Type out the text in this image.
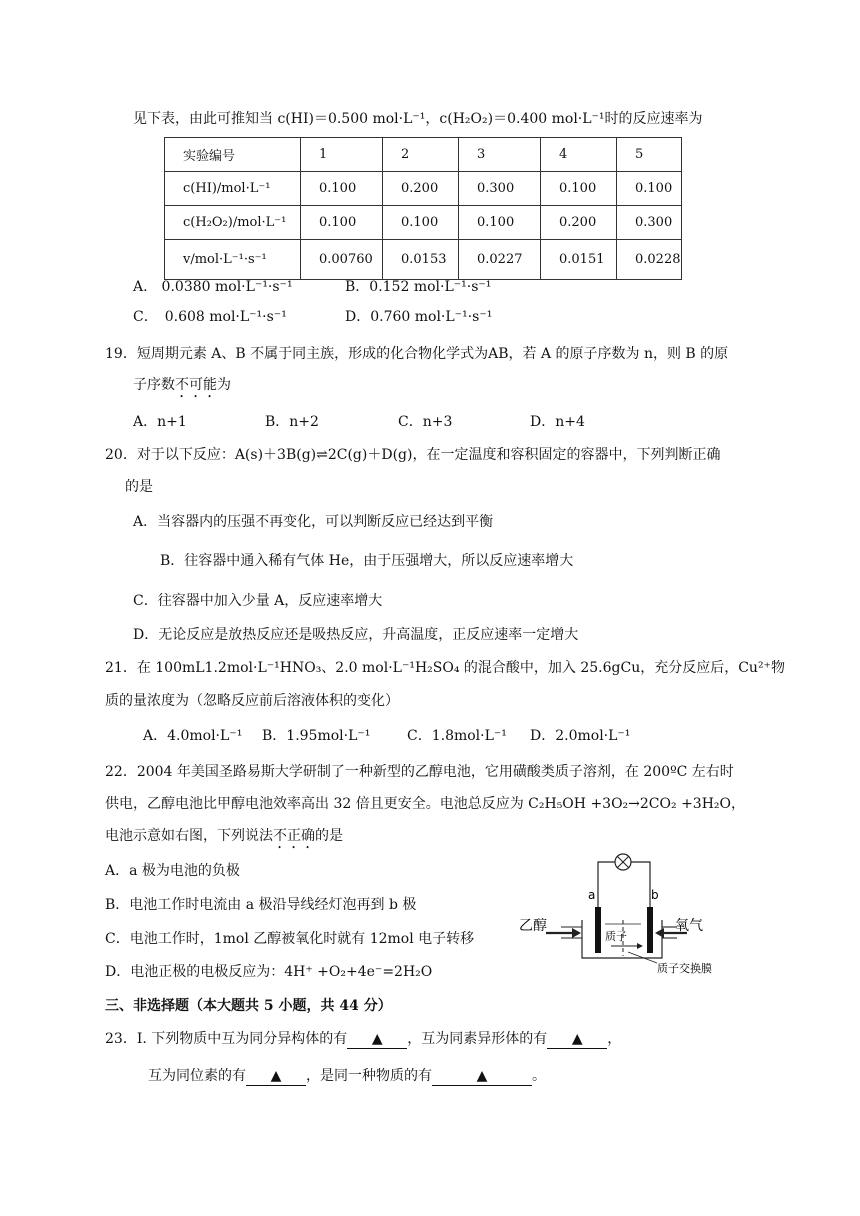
见下表，由此可推知当 c(HI)＝0.500 mol·L⁻¹，c(H₂O₂)＝0.400 mol·L⁻¹时的反应速率为
实验编号	1	2	3	4	5
c(HI)/mol·L⁻¹	0.100	0.200	0.300	0.100	0.100
c(H₂O₂)/mol·L⁻¹	0.100	0.100	0.100	0.200	0.300
v/mol·L⁻¹·s⁻¹	0.00760	0.0153	0.0227	0.0151	0.0228
A.　0.0380 mol·L⁻¹·s⁻¹	B．0.152 mol·L⁻¹·s⁻¹
C．　0.608 mol·L⁻¹·s⁻¹	D．0.760 mol·L⁻¹·s⁻¹
19．短周期元素 A、B 不属于同主族，形成的化合物化学式为AB，若 A 的原子序数为 n，则 B 的原
子序数不可能为
A．n+1	B．n+2	C．n+3	D．n+4
20．对于以下反应：A(s)＋3B(g)⇌2C(g)＋D(g)，在一定温度和容积固定的容器中，下列判断正确
的是
A．当容器内的压强不再变化，可以判断反应已经达到平衡
B．往容器中通入稀有气体 He，由于压强增大，所以反应速率增大
C．往容器中加入少量 A，反应速率增大
D．无论反应是放热反应还是吸热反应，升高温度，正反应速率一定增大
21．在 100mL1.2mol·L⁻¹HNO₃、2.0 mol·L⁻¹H₂SO₄ 的混合酸中，加入 25.6gCu，充分反应后，Cu²⁺物
质的量浓度为（忽略反应前后溶液体积的变化）
A．4.0mol·L⁻¹ B．1.95mol·L⁻¹	C．1.8mol·L⁻¹ D．2.0mol·L⁻¹
22．2004 年美国圣路易斯大学研制了一种新型的乙醇电池，它用磺酸类质子溶剂，在 200ºC 左右时
供电，乙醇电池比甲醇电池效率高出 32 倍且更安全。电池总反应为 C₂H₅OH +3O₂→2CO₂ +3H₂O，
电池示意如右图，下列说法不正确的是
A．a 极为电池的负极
B．电池工作时电流由 a 极沿导线经灯泡再到 b 极
C．电池工作时，1mol 乙醇被氧化时就有 12mol 电子转移
D．电池正极的电极反应为：4H⁺ +O₂+4e⁻=2H₂O
a	b
乙醇	氧气
质子
质子交换膜
三、非选择题（本大题共 5 小题，共 44 分）
23．I. 下列物质中互为同分异构体的有 ▲ ，互为同素异形体的有 ▲ ，
互为同位素的有 ▲ ，是同一种物质的有	▲	。
